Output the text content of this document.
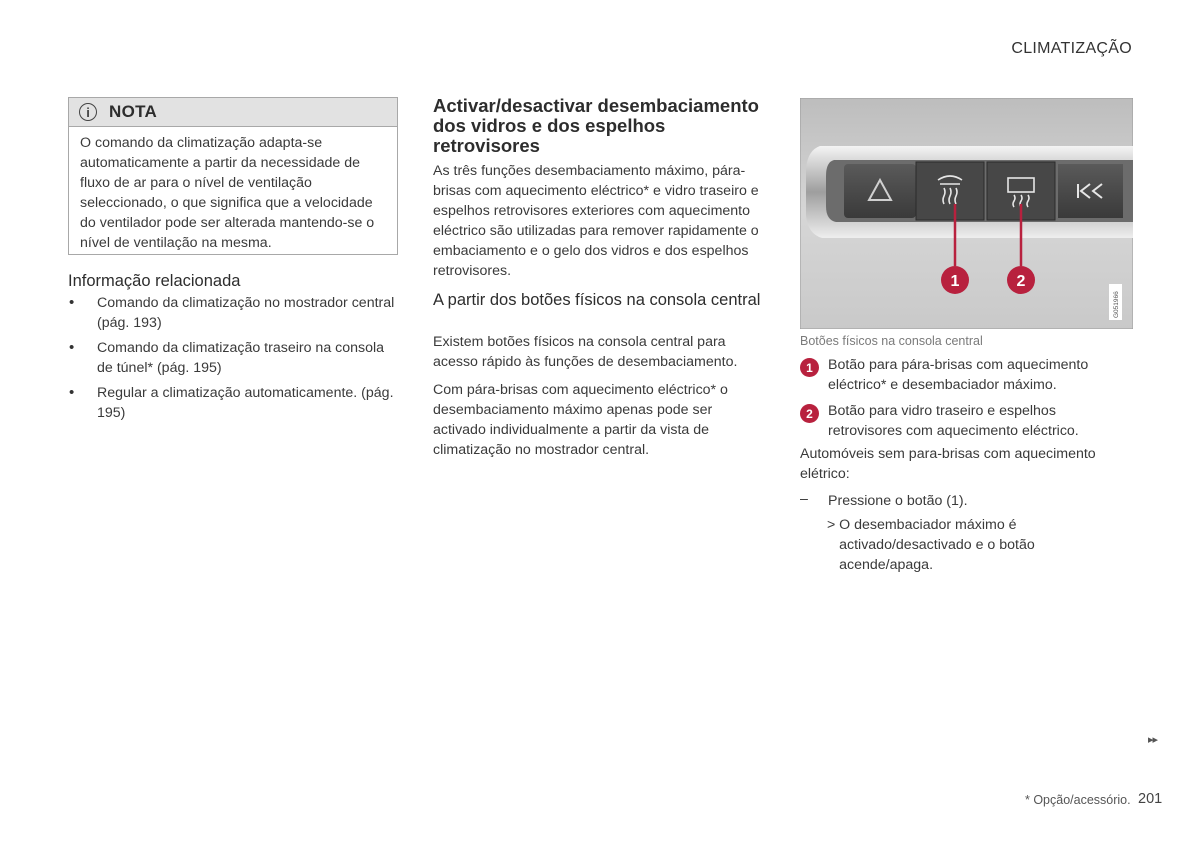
CLIMATIZAÇÃO
i	NOTA
O comando da climatização adapta-se automaticamente a partir da necessidade de fluxo de ar para o nível de ventilação seleccionado, o que significa que a velocidade do ventilador pode ser alterada mantendo-se o nível de ventilação na mesma.
Informação relacionada
• Comando da climatização no mostrador central (pág. 193)
• Comando da climatização traseiro na consola de túnel* (pág. 195)
• Regular a climatização automaticamente. (pág. 195)
Activar/desactivar desembaciamento dos vidros e dos espelhos retrovisores
As três funções desembaciamento máximo, pára-brisas com aquecimento eléctrico* e vidro traseiro e espelhos retrovisores exteriores com aquecimento eléctrico são utilizadas para remover rapidamente o embaciamento e o gelo dos vidros e dos espelhos retrovisores.
A partir dos botões físicos na consola central
Existem botões físicos na consola central para acesso rápido às funções de desembaciamento.
Com pára-brisas com aquecimento eléctrico* o desembaciamento máximo apenas pode ser activado individualmente a partir da vista de climatização no mostrador central.
1	2
G051966
Botões físicos na consola central
1	Botão para pára-brisas com aquecimento eléctrico* e desembaciador máximo.
2	Botão para vidro traseiro e espelhos retrovisores com aquecimento eléctrico.
Automóveis sem para-brisas com aquecimento elétrico:
–	Pressione o botão (1).
> O desembaciador máximo é activado/desactivado e o botão acende/apaga.
▸▸
* Opção/acessório. 201
